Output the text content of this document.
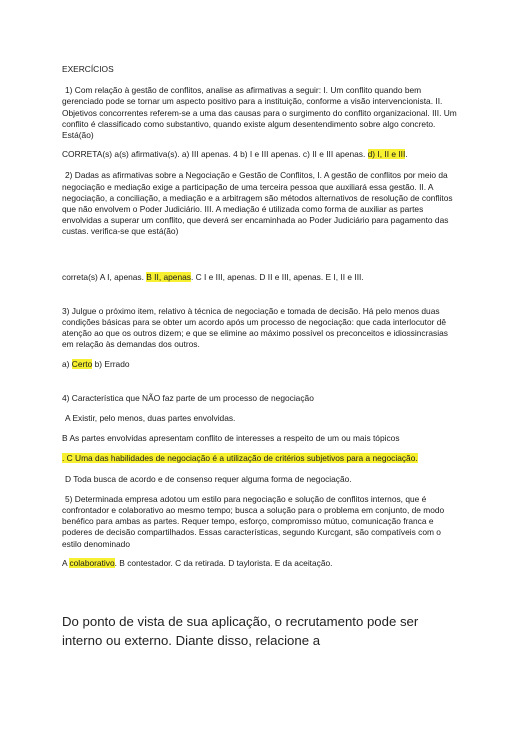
EXERCÍCIOS

1) Com relação à gestão de conflitos, analise as afirmativas a seguir: I. Um conflito quando bem gerenciado pode se tornar um aspecto positivo para a instituição, conforme a visão intervencionista. II. Objetivos concorrentes referem-se a uma das causas para o surgimento do conflito organizacional. III. Um conflito é classificado como substantivo, quando existe algum desentendimento sobre algo concreto. Está(ão)

CORRETA(s) a(s) afirmativa(s). a) III apenas. 4 b) I e III apenas. c) II e III apenas. d) I, II e III.

2) Dadas as afirmativas sobre a Negociação e Gestão de Conflitos, I. A gestão de conflitos por meio da negociação e mediação exige a participação de uma terceira pessoa que auxiliará essa gestão. II. A negociação, a conciliação, a mediação e a arbitragem são métodos alternativos de resolução de conflitos que não envolvem o Poder Judiciário. III. A mediação é utilizada como forma de auxiliar as partes envolvidas a superar um conflito, que deverá ser encaminhada ao Poder Judiciário para pagamento das custas. verifica-se que está(ão)

correta(s) A I, apenas. B II, apenas. C I e III, apenas. D II e III, apenas. E I, II e III.

3) Julgue o próximo item, relativo à técnica de negociação e tomada de decisão. Há pelo menos duas condições básicas para se obter um acordo após um processo de negociação: que cada interlocutor dê atenção ao que os outros dizem; e que se elimine ao máximo possível os preconceitos e idiossincrasias em relação às demandas dos outros.

a) Certo b) Errado

4) Característica que NÃO faz parte de um processo de negociação

A Existir, pelo menos, duas partes envolvidas.

B As partes envolvidas apresentam conflito de interesses a respeito de um ou mais tópicos

. C Uma das habilidades de negociação é a utilização de critérios subjetivos para a negociação.

D Toda busca de acordo e de consenso requer alguma forma de negociação.

5) Determinada empresa adotou um estilo para negociação e solução de conflitos internos, que é confrontador e colaborativo ao mesmo tempo; busca a solução para o problema em conjunto, de modo benéfico para ambas as partes. Requer tempo, esforço, compromisso mútuo, comunicação franca e poderes de decisão compartilhados. Essas características, segundo Kurcgant, são compatíveis com o estilo denominado

A colaborativo. B contestador. C da retirada. D taylorista. E da aceitação.

Do ponto de vista de sua aplicação, o recrutamento pode ser interno ou externo. Diante disso, relacione a
